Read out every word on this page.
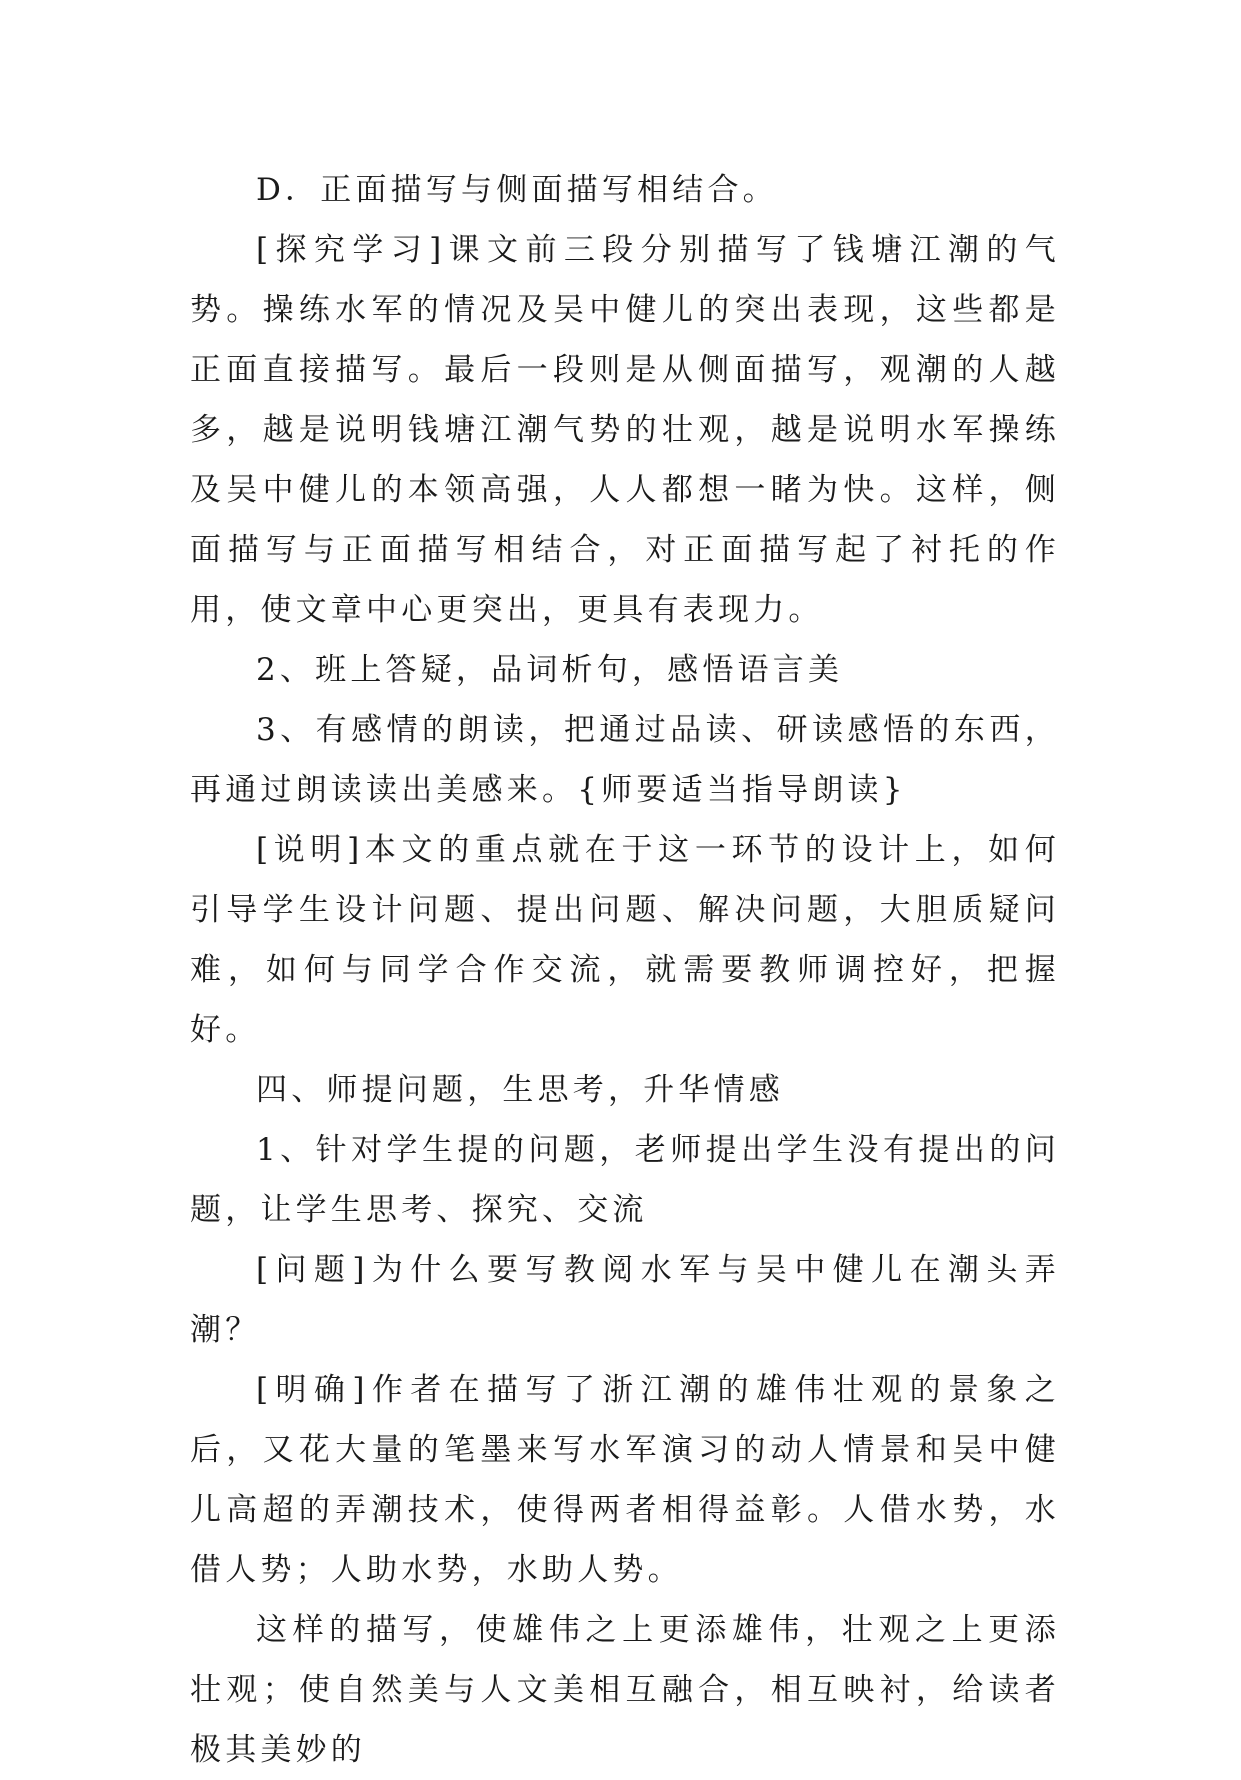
D．正面描写与侧面描写相结合。

[探究学习]课文前三段分别描写了钱塘江潮的气势。操练水军的情况及吴中健儿的突出表现，这些都是正面直接描写。最后一段则是从侧面描写，观潮的人越多，越是说明钱塘江潮气势的壮观，越是说明水军操练及吴中健儿的本领高强，人人都想一睹为快。这样，侧面描写与正面描写相结合，对正面描写起了衬托的作用，使文章中心更突出，更具有表现力。

2、班上答疑，品词析句，感悟语言美

3、有感情的朗读，把通过品读、研读感悟的东西，再通过朗读读出美感来。{师要适当指导朗读}

[说明]本文的重点就在于这一环节的设计上，如何引导学生设计问题、提出问题、解决问题，大胆质疑问难，如何与同学合作交流，就需要教师调控好，把握好。

四、师提问题，生思考，升华情感

1、针对学生提的问题，老师提出学生没有提出的问题，让学生思考、探究、交流

[问题]为什么要写教阅水军与吴中健儿在潮头弄潮？

[明确]作者在描写了浙江潮的雄伟壮观的景象之后，又花大量的笔墨来写水军演习的动人情景和吴中健儿高超的弄潮技术，使得两者相得益彰。人借水势，水借人势；人助水势，水助人势。

这样的描写，使雄伟之上更添雄伟，壮观之上更添壮观；使自然美与人文美相互融合，相互映衬，给读者极其美妙的
